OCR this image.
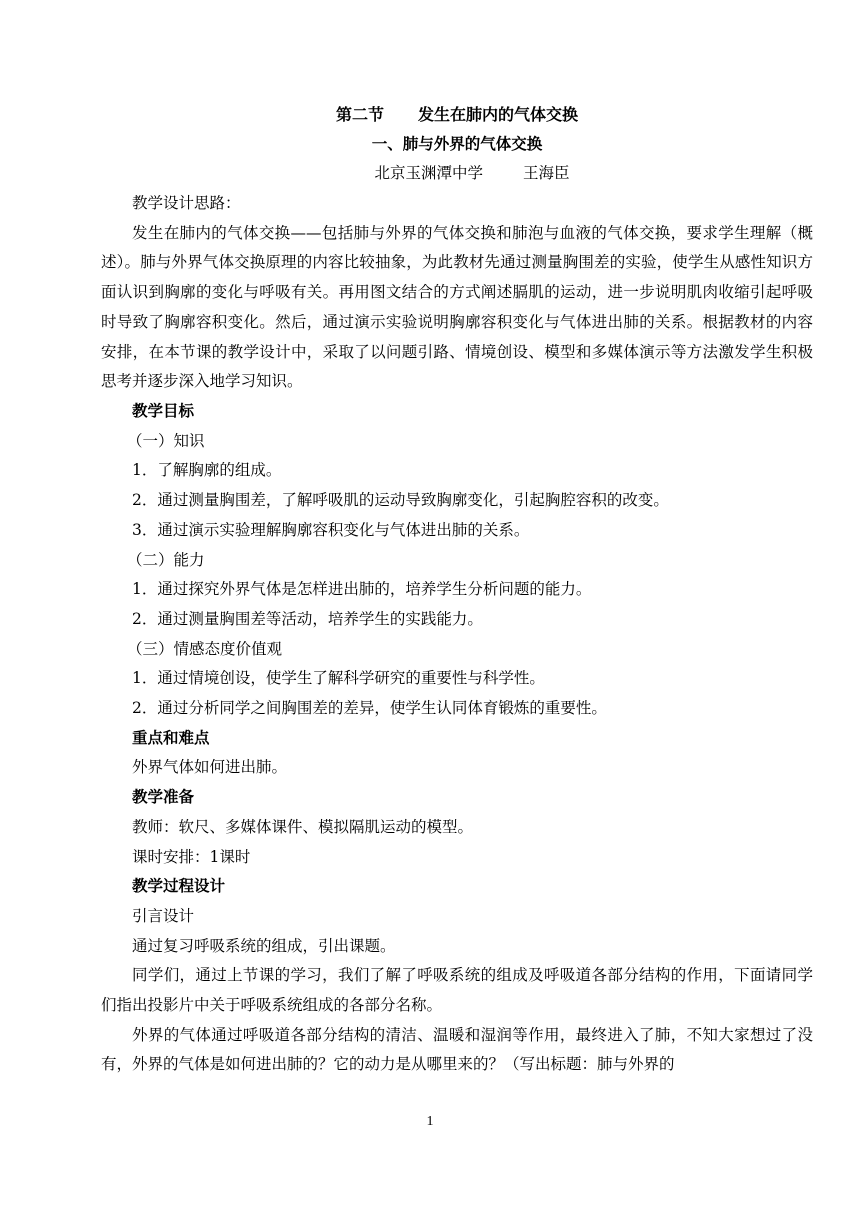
第二节 发生在肺内的气体交换

一、肺与外界的气体交换

北京玉渊潭中学	王海臣

教学设计思路：

发生在肺内的气体交换——包括肺与外界的气体交换和肺泡与血液的气体交换，要求学生理解（概述）。肺与外界气体交换原理的内容比较抽象，为此教材先通过测量胸围差的实验，使学生从感性知识方面认识到胸廓的变化与呼吸有关。再用图文结合的方式阐述膈肌的运动，进一步说明肌肉收缩引起呼吸时导致了胸廓容积变化。然后，通过演示实验说明胸廓容积变化与气体进出肺的关系。根据教材的内容安排，在本节课的教学设计中，采取了以问题引路、情境创设、模型和多媒体演示等方法激发学生积极思考并逐步深入地学习知识。

教学目标

（一）知识

1．了解胸廓的组成。

2．通过测量胸围差，了解呼吸肌的运动导致胸廓变化，引起胸腔容积的改变。

3．通过演示实验理解胸廓容积变化与气体进出肺的关系。

（二）能力

1．通过探究外界气体是怎样进出肺的，培养学生分析问题的能力。

2．通过测量胸围差等活动，培养学生的实践能力。

（三）情感态度价值观

1．通过情境创设，使学生了解科学研究的重要性与科学性。

2．通过分析同学之间胸围差的差异，使学生认同体育锻炼的重要性。

重点和难点

外界气体如何进出肺。

教学准备

教师：软尺、多媒体课件、模拟隔肌运动的模型。

课时安排：1课时

教学过程设计

引言设计

通过复习呼吸系统的组成，引出课题。

同学们，通过上节课的学习，我们了解了呼吸系统的组成及呼吸道各部分结构的作用，下面请同学们指出投影片中关于呼吸系统组成的各部分名称。

外界的气体通过呼吸道各部分结构的清洁、温暖和湿润等作用，最终进入了肺，不知大家想过了没有，外界的气体是如何进出肺的？它的动力是从哪里来的？（写出标题：肺与外界的

1
